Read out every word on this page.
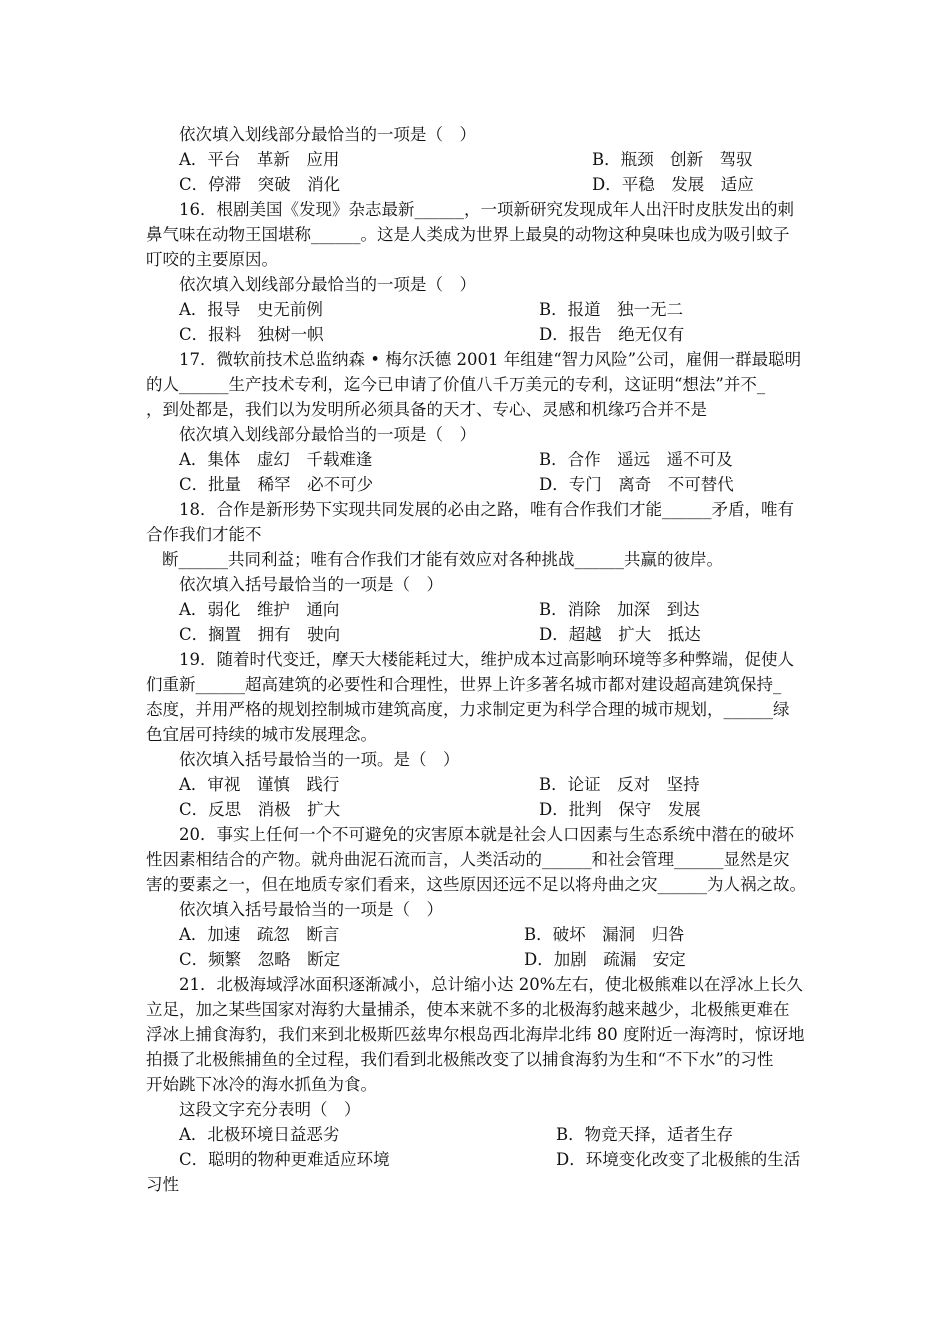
依次填入划线部分最恰当的一项是（　）
A．平台　革新　应用	B．瓶颈　创新　驾驭
C．停滞　突破　消化	D．平稳　发展　适应
16．根剧美国《发现》杂志最新______，一项新研究发现成年人出汗时皮肤发出的刺
鼻气味在动物王国堪称______。这是人类成为世界上最臭的动物这种臭味也成为吸引蚊子
叮咬的主要原因。
依次填入划线部分最恰当的一项是（　）
A．报导　史无前例	B．报道　独一无二
C．报料　独树一帜	D．报告　绝无仅有
17．微软前技术总监纳森 • 梅尔沃德 2001 年组建“智力风险”公司，雇佣一群最聪明
的人______生产技术专利，迄今已申请了价值八千万美元的专利，这证明“想法”并不_
，到处都是，我们以为发明所必须具备的天才、专心、灵感和机缘巧合并不是
依次填入划线部分最恰当的一项是（　）
A．集体　虚幻　千载难逢	B．合作　遥远　遥不可及
C．批量　稀罕　必不可少	D．专门　离奇　不可替代
18．合作是新形势下实现共同发展的必由之路，唯有合作我们才能______矛盾，唯有
合作我们才能不
断______共同利益；唯有合作我们才能有效应对各种挑战______共赢的彼岸。
依次填入括号最恰当的一项是（　）
A．弱化　维护　通向	B．消除　加深　到达
C．搁置　拥有　驶向	D．超越　扩大　抵达
19．随着时代变迁，摩天大楼能耗过大，维护成本过高影响环境等多种弊端，促使人
们重新______超高建筑的必要性和合理性，世界上许多著名城市都对建设超高建筑保持_
态度，并用严格的规划控制城市建筑高度，力求制定更为科学合理的城市规划，______绿
色宜居可持续的城市发展理念。
依次填入括号最恰当的一项。是（　）
A．审视　谨慎　践行	B．论证　反对　坚持
C．反思　消极　扩大	D．批判　保守　发展
20．事实上任何一个不可避免的灾害原本就是社会人口因素与生态系统中潜在的破坏
性因素相结合的产物。就舟曲泥石流而言，人类活动的______和社会管理______显然是灾
害的要素之一，但在地质专家们看来，这些原因还远不足以将舟曲之灾______为人祸之故。
依次填入括号最恰当的一项是（　）
A．加速　疏忽　断言	B．破坏　漏洞　归咎
C．频繁　忽略　断定	D．加剧　疏漏　安定
21．北极海域浮冰面积逐渐减小，总计缩小达 20%左右，使北极熊难以在浮冰上长久
立足，加之某些国家对海豹大量捕杀，使本来就不多的北极海豹越来越少，北极熊更难在
浮冰上捕食海豹，我们来到北极斯匹兹卑尔根岛西北海岸北纬 80 度附近一海湾时，惊讶地
拍摄了北极熊捕鱼的全过程，我们看到北极熊改变了以捕食海豹为生和“不下水”的习性
开始跳下冰冷的海水抓鱼为食。
这段文字充分表明（　）
A．北极环境日益恶劣	B．物竞天择，适者生存
C．聪明的物种更难适应环境	D．环境变化改变了北极熊的生活
习性
